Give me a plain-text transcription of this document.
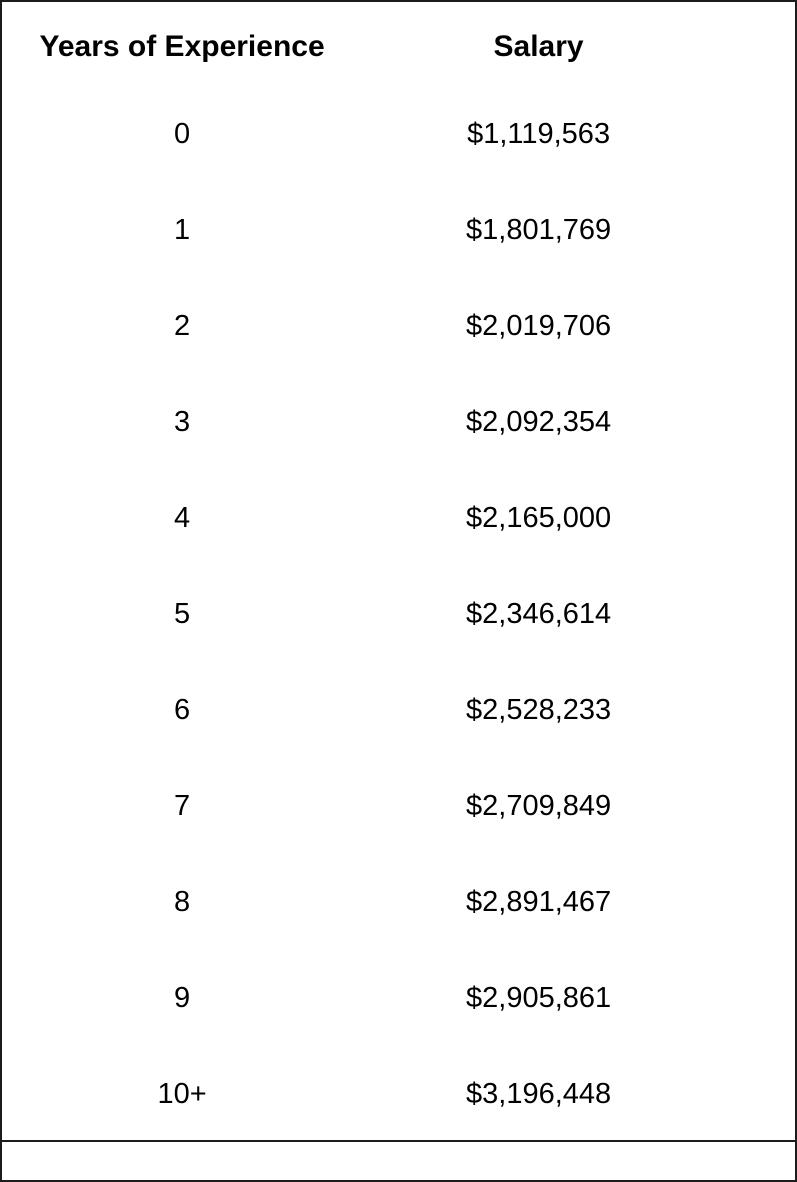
Years of Experience	Salary
0	$1,119,563
1	$1,801,769
2	$2,019,706
3	$2,092,354
4	$2,165,000
5	$2,346,614
6	$2,528,233
7	$2,709,849
8	$2,891,467
9	$2,905,861
10+	$3,196,448
